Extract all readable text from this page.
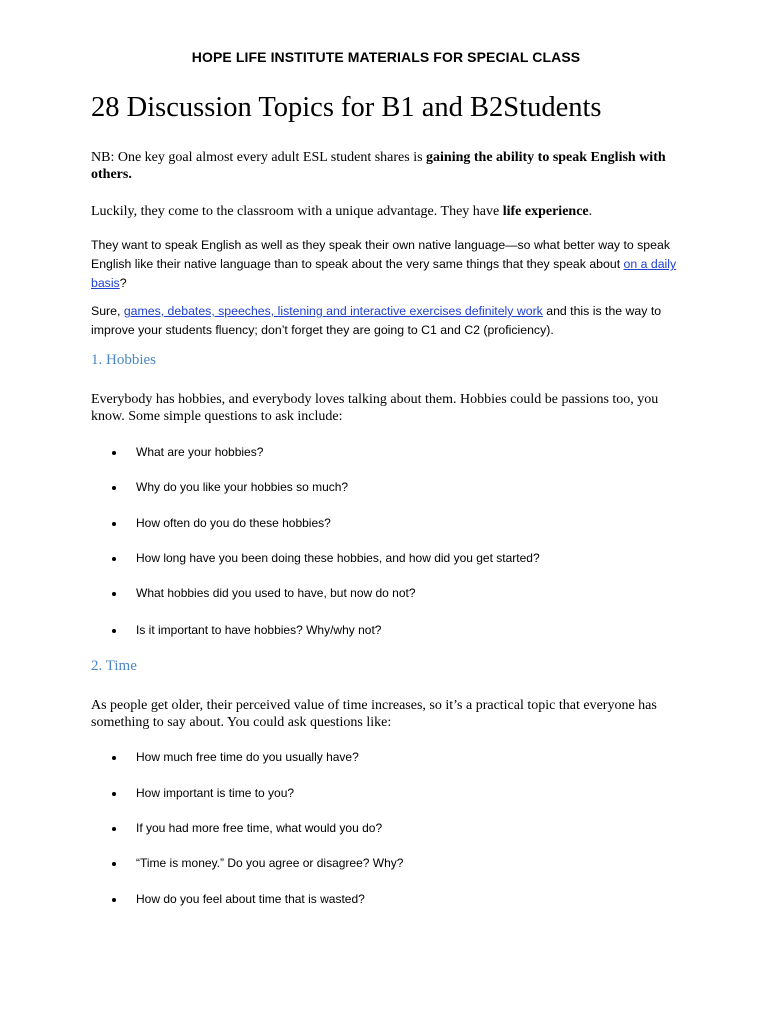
HOPE LIFE INSTITUTE MATERIALS FOR SPECIAL CLASS
28 Discussion Topics for B1 and B2Students

NB: One key goal almost every adult ESL student shares is gaining the ability to speak English with others.

Luckily, they come to the classroom with a unique advantage. They have life experience.

They want to speak English as well as they speak their own native language—so what better way to speak English like their native language than to speak about the very same things that they speak about on a daily basis?

Sure, games, debates, speeches, listening and interactive exercises definitely work and this is the way to improve your students fluency; don’t forget they are going to C1 and C2 (proficiency).

1. Hobbies

Everybody has hobbies, and everybody loves talking about them. Hobbies could be passions too, you know. Some simple questions to ask include:

What are your hobbies?
Why do you like your hobbies so much?
How often do you do these hobbies?
How long have you been doing these hobbies, and how did you get started?
What hobbies did you used to have, but now do not?
Is it important to have hobbies? Why/why not?
2. Time

As people get older, their perceived value of time increases, so it’s a practical topic that everyone has something to say about. You could ask questions like:

How much free time do you usually have?
How important is time to you?
If you had more free time, what would you do?
“Time is money.” Do you agree or disagree? Why?
How do you feel about time that is wasted?
